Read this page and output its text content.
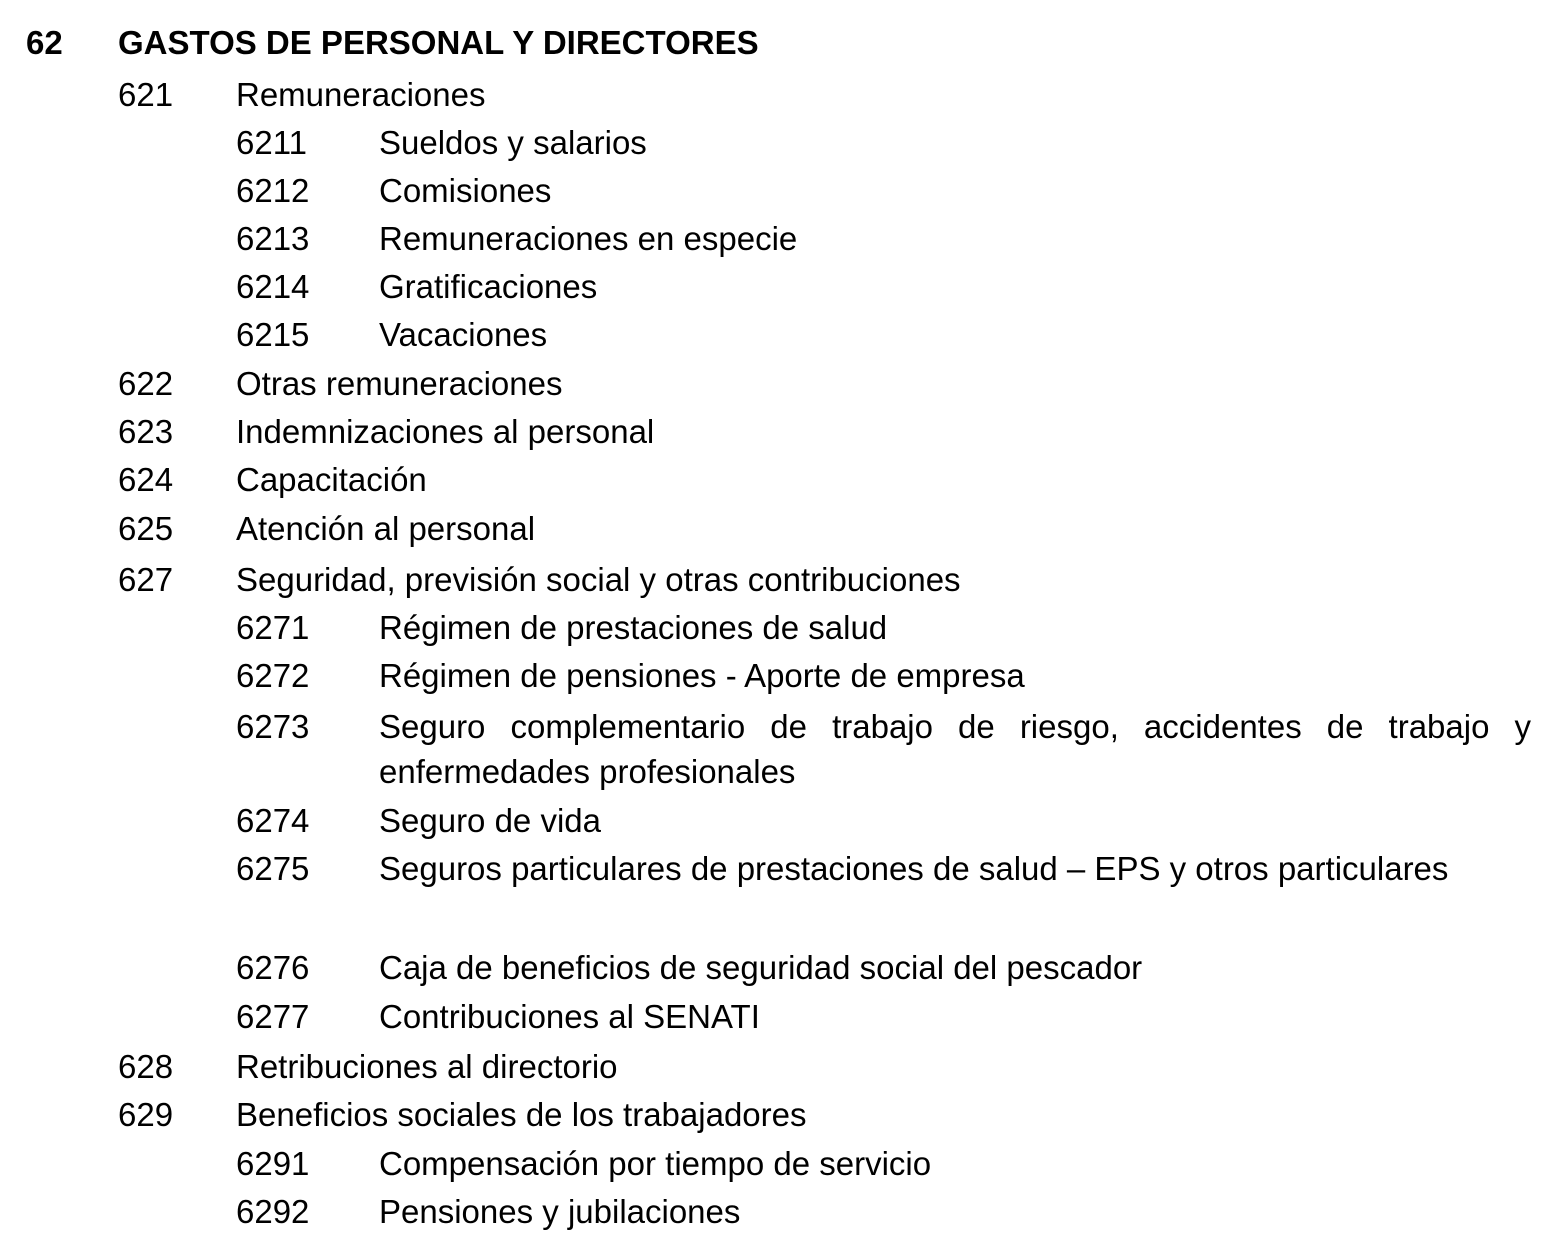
62 GASTOS DE PERSONAL Y DIRECTORES
621 Remuneraciones
6211 Sueldos y salarios
6212 Comisiones
6213 Remuneraciones en especie
6214 Gratificaciones
6215 Vacaciones
622 Otras remuneraciones
623 Indemnizaciones al personal
624 Capacitación
625 Atención al personal
627 Seguridad, previsión social y otras contribuciones
6271 Régimen de prestaciones de salud
6272 Régimen de pensiones - Aporte de empresa
6273 Seguro complementario de trabajo de riesgo, accidentes de trabajo y
enfermedades profesionales
6274 Seguro de vida
6275 Seguros particulares de prestaciones de salud – EPS y otros particulares
6276 Caja de beneficios de seguridad social del pescador
6277 Contribuciones al SENATI
628 Retribuciones al directorio
629 Beneficios sociales de los trabajadores
6291 Compensación por tiempo de servicio
6292 Pensiones y jubilaciones
